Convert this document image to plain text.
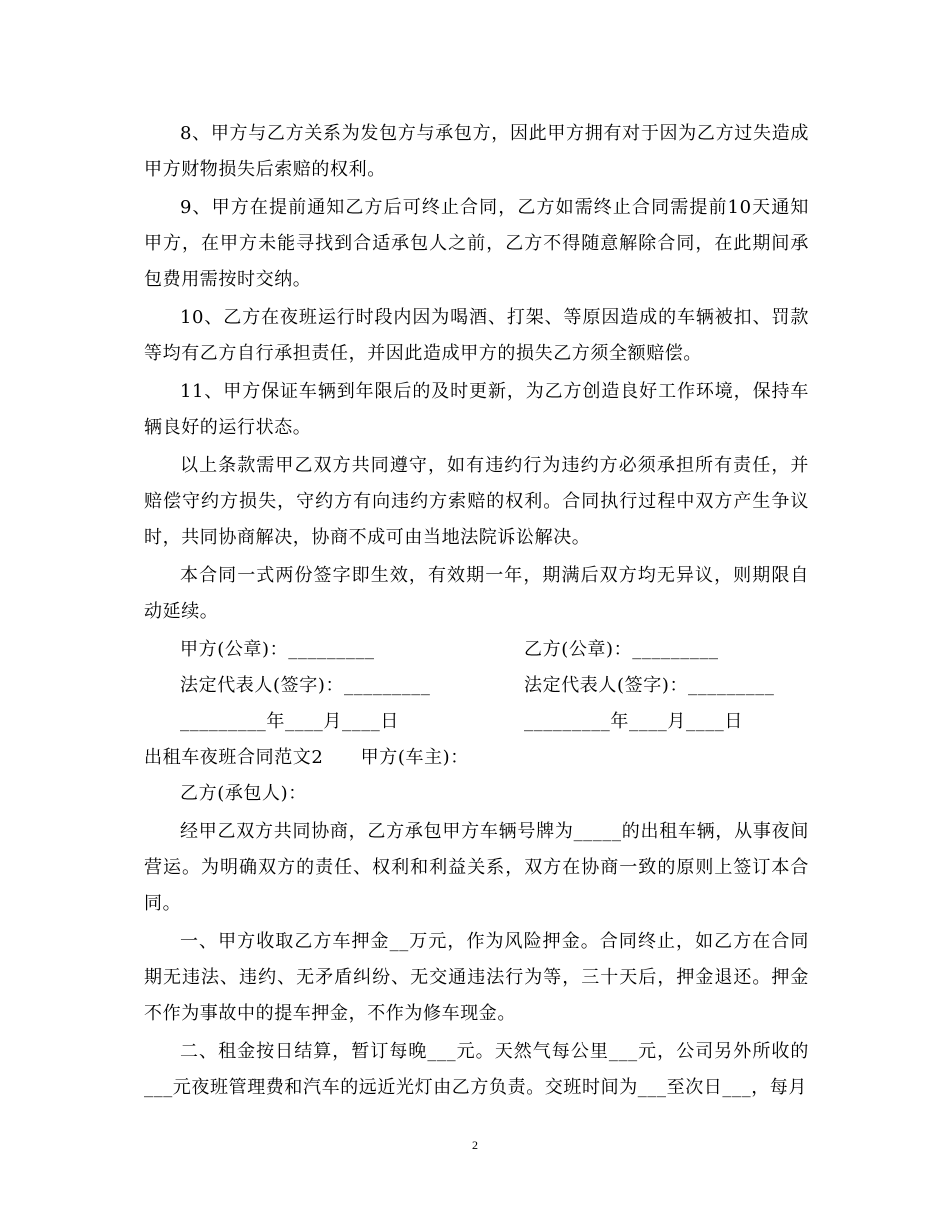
8、甲方与乙方关系为发包方与承包方，因此甲方拥有对于因为乙方过失造成甲方财物损失后索赔的权利。

9、甲方在提前通知乙方后可终止合同，乙方如需终止合同需提前10天通知甲方，在甲方未能寻找到合适承包人之前，乙方不得随意解除合同，在此期间承包费用需按时交纳。

10、乙方在夜班运行时段内因为喝酒、打架、等原因造成的车辆被扣、罚款等均有乙方自行承担责任，并因此造成甲方的损失乙方须全额赔偿。

11、甲方保证车辆到年限后的及时更新，为乙方创造良好工作环境，保持车辆良好的运行状态。

以上条款需甲乙双方共同遵守，如有违约行为违约方必须承担所有责任，并赔偿守约方损失，守约方有向违约方索赔的权利。合同执行过程中双方产生争议时，共同协商解决，协商不成可由当地法院诉讼解决。

本合同一式两份签字即生效，有效期一年，期满后双方均无异议，则期限自动延续。

甲方(公章)：_________	乙方(公章)：_________
法定代表人(签字)：_________	法定代表人(签字)：_________
_________年____月____日	_________年____月____日
出租车夜班合同范文2　　甲方(车主)：

乙方(承包人)：

经甲乙双方共同协商，乙方承包甲方车辆号牌为_____的出租车辆，从事夜间营运。为明确双方的责任、权利和利益关系，双方在协商一致的原则上签订本合同。

一、甲方收取乙方车押金__万元，作为风险押金。合同终止，如乙方在合同期无违法、违约、无矛盾纠纷、无交通违法行为等，三十天后，押金退还。押金不作为事故中的提车押金，不作为修车现金。

二、租金按日结算，暂订每晚___元。天然气每公里___元，公司另外所收的___元夜班管理费和汽车的远近光灯由乙方负责。交班时间为___至次日___，每月

2
